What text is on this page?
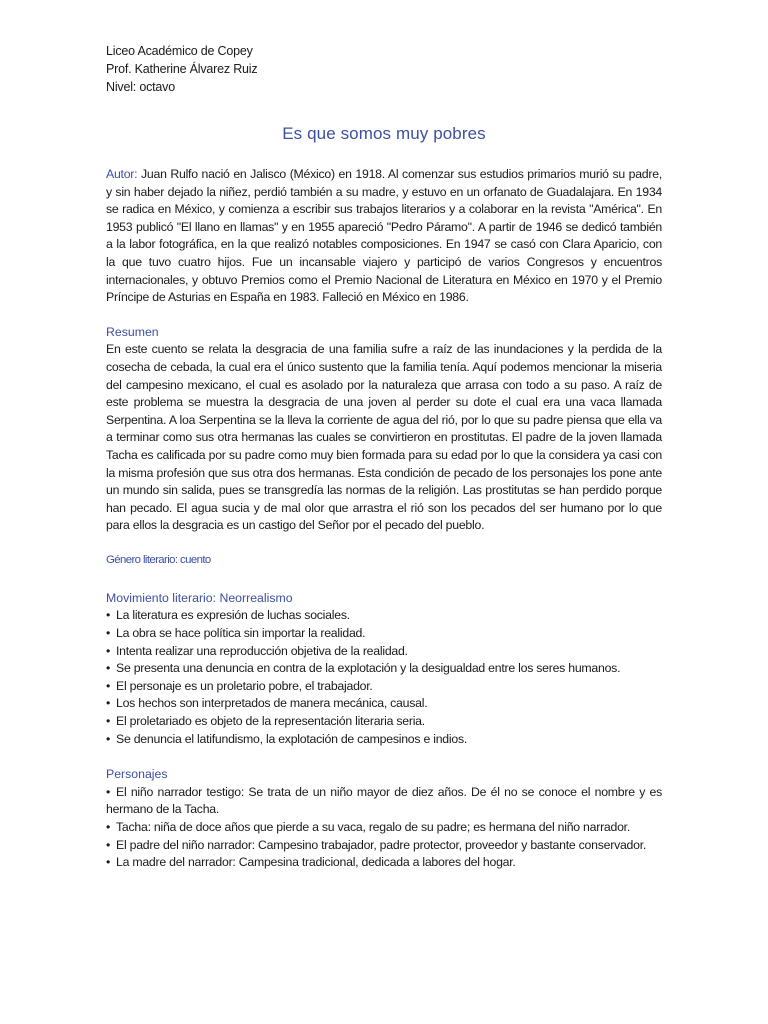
Liceo Académico de Copey
Prof. Katherine Álvarez Ruiz
Nivel: octavo
Es que somos muy pobres

Autor: Juan Rulfo nació en Jalisco (México) en 1918. Al comenzar sus estudios primarios murió su padre, y sin haber dejado la niñez, perdió también a su madre, y estuvo en un orfanato de Guadalajara. En 1934 se radica en México, y comienza a escribir sus trabajos literarios y a colaborar en la revista "América". En 1953 publicó "El llano en llamas" y en 1955 apareció "Pedro Páramo". A partir de 1946 se dedicó también a la labor fotográfica, en la que realizó notables composiciones. En 1947 se casó con Clara Aparicio, con la que tuvo cuatro hijos. Fue un incansable viajero y participó de varios Congresos y encuentros internacionales, y obtuvo Premios como el Premio Nacional de Literatura en México en 1970 y el Premio Príncipe de Asturias en España en 1983. Falleció en México en 1986.

Resumen

En este cuento se relata la desgracia de una familia sufre a raíz de las inundaciones y la perdida de la cosecha de cebada, la cual era el único sustento que la familia tenía. Aquí podemos mencionar la miseria del campesino mexicano, el cual es asolado por la naturaleza que arrasa con todo a su paso. A raíz de este problema se muestra la desgracia de una joven al perder su dote el cual era una vaca llamada Serpentina. A loa Serpentina se la lleva la corriente de agua del rió, por lo que su padre piensa que ella va a terminar como sus otra hermanas las cuales se convirtieron en prostitutas. El padre de la joven llamada Tacha es calificada por su padre como muy bien formada para su edad por lo que la considera ya casi con la misma profesión que sus otra dos hermanas. Esta condición de pecado de los personajes los pone ante un mundo sin salida, pues se transgredía las normas de la religión. Las prostitutas se han perdido porque han pecado. El agua sucia y de mal olor que arrastra el rió son los pecados del ser humano por lo que para ellos la desgracia es un castigo del Señor por el pecado del pueblo.

Género literario: cuento
Movimiento literario: Neorrealismo
• La literatura es expresión de luchas sociales.
• La obra se hace política sin importar la realidad.
• Intenta realizar una reproducción objetiva de la realidad.
• Se presenta una denuncia en contra de la explotación y la desigualdad entre los seres humanos.
• El personaje es un proletario pobre, el trabajador.
• Los hechos son interpretados de manera mecánica, causal.
• El proletariado es objeto de la representación literaria seria.
• Se denuncia el latifundismo, la explotación de campesinos e indios.
Personajes
• El niño narrador testigo: Se trata de un niño mayor de diez años. De él no se conoce el nombre y es hermano de la Tacha.
• Tacha: niña de doce años que pierde a su vaca, regalo de su padre; es hermana del niño narrador.
• El padre del niño narrador: Campesino trabajador, padre protector, proveedor y bastante conservador.
• La madre del narrador: Campesina tradicional, dedicada a labores del hogar.
